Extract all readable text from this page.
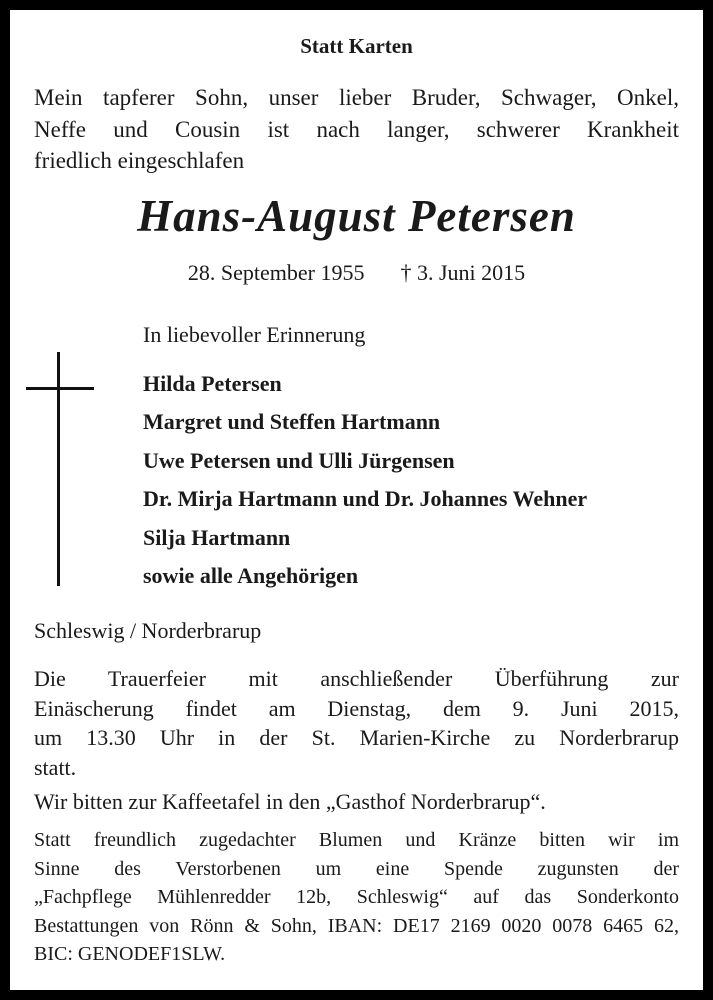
Statt Karten
Mein tapferer Sohn, unser lieber Bruder, Schwager, Onkel,
Neffe und Cousin ist nach langer, schwerer Krankheit
friedlich eingeschlafen
Hans-August Petersen
28. September 1955 † 3. Juni 2015
In liebevoller Erinnerung
Hilda Petersen
Margret und Steffen Hartmann
Uwe Petersen und Ulli Jürgensen
Dr. Mirja Hartmann und Dr. Johannes Wehner
Silja Hartmann
sowie alle Angehörigen
Schleswig / Norderbrarup
Die Trauerfeier mit anschließender Überführung zur
Einäscherung findet am Dienstag, dem 9. Juni 2015,
um 13.30 Uhr in der St. Marien-Kirche zu Norderbrarup
statt.
Wir bitten zur Kaffeetafel in den „Gasthof Norderbrarup“.
Statt freundlich zugedachter Blumen und Kränze bitten wir im
Sinne des Verstorbenen um eine Spende zugunsten der
„Fachpflege Mühlenredder 12b, Schleswig“ auf das Sonderkonto
Bestattungen von Rönn & Sohn, IBAN: DE17 2169 0020 0078 6465 62,
BIC: GENODEF1SLW.
